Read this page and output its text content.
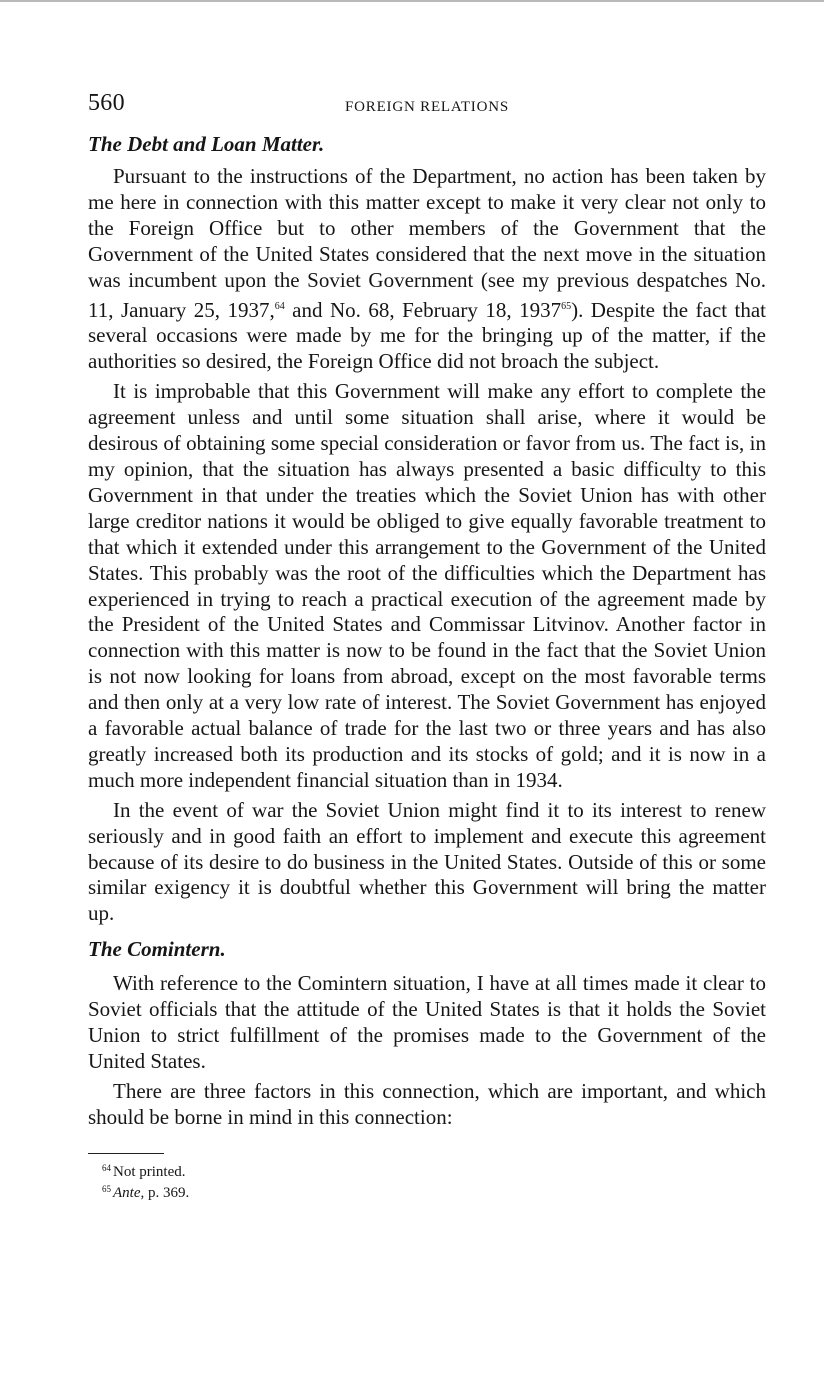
560	FOREIGN RELATIONS
The Debt and Loan Matter.

Pursuant to the instructions of the Department, no action has been taken by me here in connection with this matter except to make it very clear not only to the Foreign Office but to other members of the Government that the Government of the United States considered that the next move in the situation was incumbent upon the Soviet Government (see my previous despatches No. 11, January 25, 1937,64 and No. 68, February 18, 1937$^{65}$). Despite the fact that several occasions were made by me for the bringing up of the matter, if the authorities so desired, the Foreign Office did not broach the subject.

It is improbable that this Government will make any effort to complete the agreement unless and until some situation shall arise, where it would be desirous of obtaining some special consideration or favor from us. The fact is, in my opinion, that the situation has always presented a basic difficulty to this Government in that under the treaties which the Soviet Union has with other large creditor nations it would be obliged to give equally favorable treatment to that which it extended under this arrangement to the Government of the United States. This probably was the root of the difficulties which the Department has experienced in trying to reach a practical execution of the agreement made by the President of the United States and Commissar Litvinov. Another factor in connection with this matter is now to be found in the fact that the Soviet Union is not now looking for loans from abroad, except on the most favorable terms and then only at a very low rate of interest. The Soviet Government has enjoyed a favorable actual balance of trade for the last two or three years and has also greatly increased both its production and its stocks of gold; and it is now in a much more independent financial situation than in 1934.

In the event of war the Soviet Union might find it to its interest to renew seriously and in good faith an effort to implement and execute this agreement because of its desire to do business in the United States. Outside of this or some similar exigency it is doubtful whether this Government will bring the matter up.

The Comintern.

With reference to the Comintern situation, I have at all times made it clear to Soviet officials that the attitude of the United States is that it holds the Soviet Union to strict fulfillment of the promises made to the Government of the United States.

There are three factors in this connection, which are important, and which should be borne in mind in this connection:

$^{64}$ Not printed.
$^{65}$ Ante, p. 369.
